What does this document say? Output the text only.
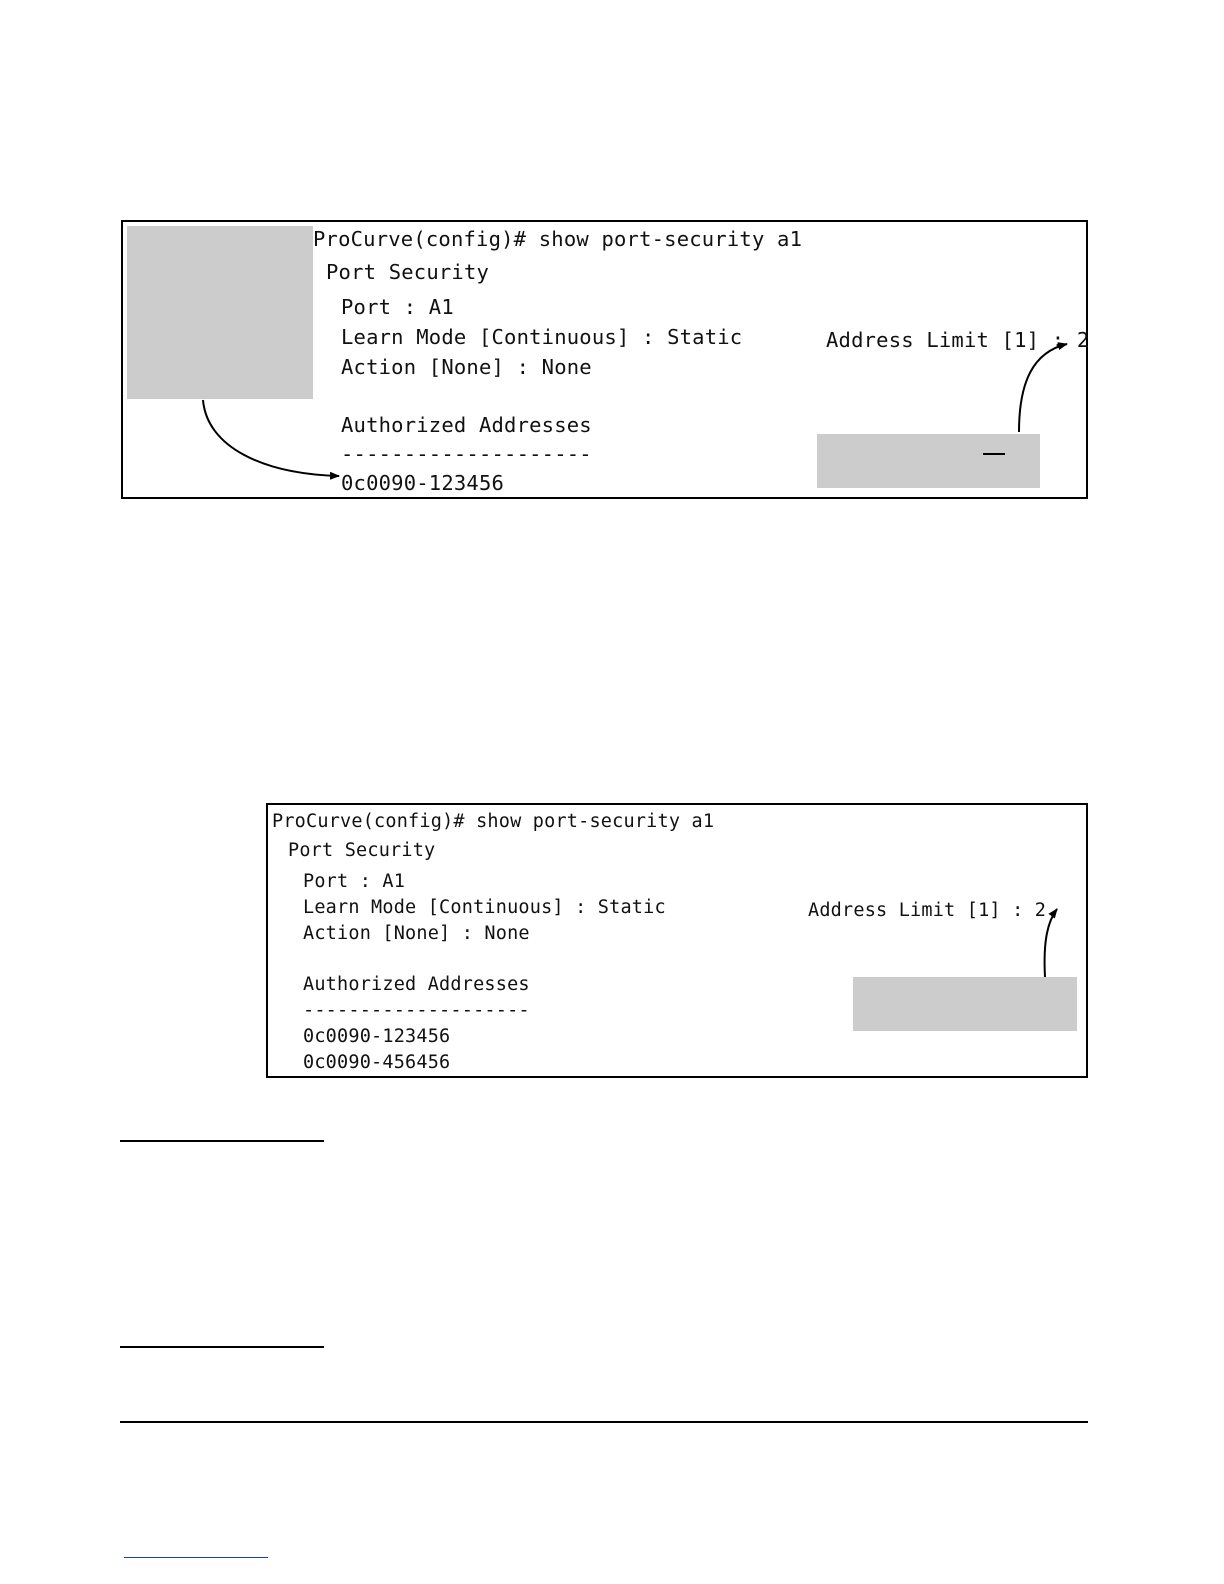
ProCurve(config)# show port-security a1
Port Security
Port : A1
Learn Mode [Continuous] : Static
Action [None] : None
Address Limit [1] : 2
Authorized Addresses
--------------------
0c0090-123456
ProCurve(config)# show port-security a1
Port Security
Port : A1
Learn Mode [Continuous] : Static
Action [None] : None
Address Limit [1] : 2
Authorized Addresses
--------------------
0c0090-123456
0c0090-456456
